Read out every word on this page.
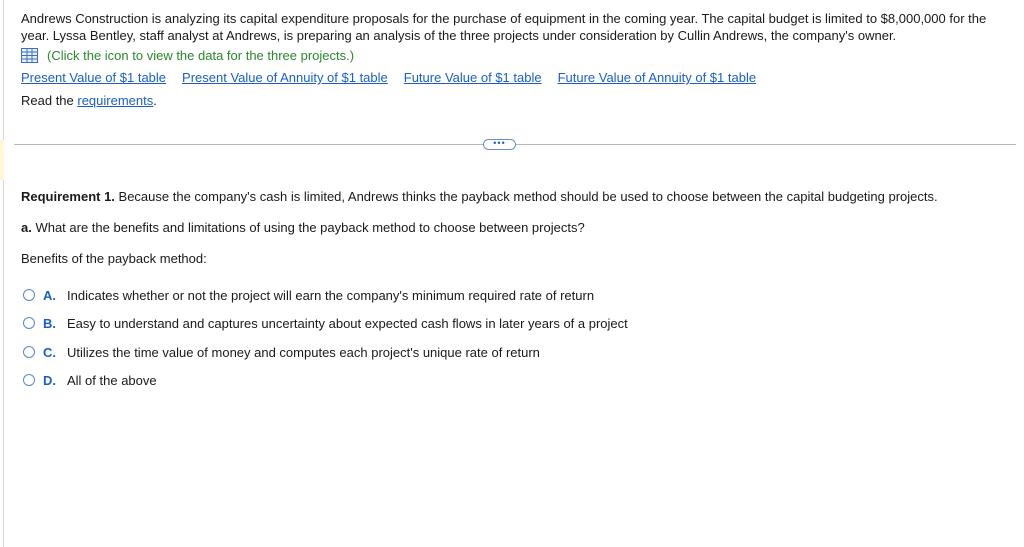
Andrews Construction is analyzing its capital expenditure proposals for the purchase of equipment in the coming year. The capital budget is limited to $8,000,000 for the year. Lyssa Bentley, staff analyst at Andrews, is preparing an analysis of the three projects under consideration by Cullin Andrews, the company's owner.

(Click the icon to view the data for the three projects.)
Present Value of $1 table Present Value of Annuity of $1 table Future Value of $1 table Future Value of Annuity of $1 table
Read the requirements.
•••

Requirement 1. Because the company's cash is limited, Andrews thinks the payback method should be used to choose between the capital budgeting projects.

a. What are the benefits and limitations of using the payback method to choose between projects?

Benefits of the payback method:

A. Indicates whether or not the project will earn the company's minimum required rate of return
B. Easy to understand and captures uncertainty about expected cash flows in later years of a project
C. Utilizes the time value of money and computes each project's unique rate of return
D. All of the above
